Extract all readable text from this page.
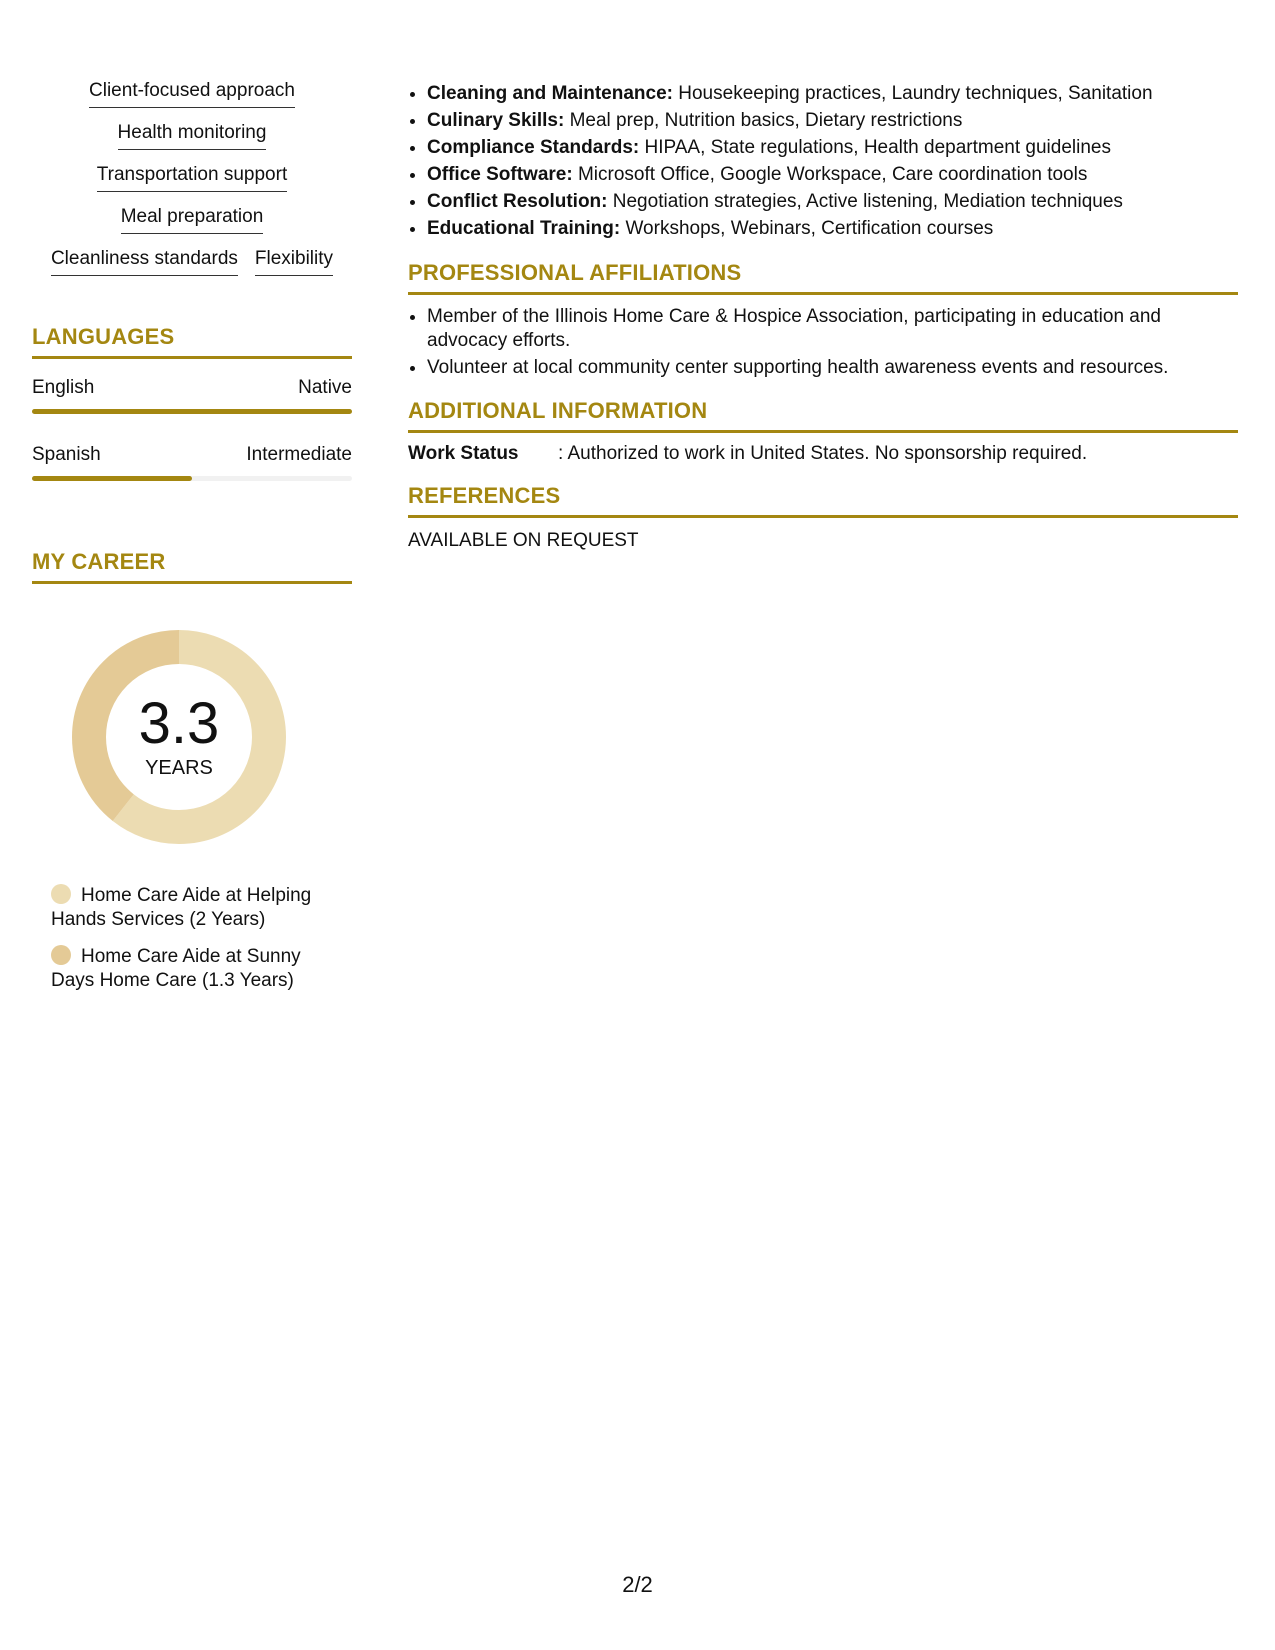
Client-focused approach
Health monitoring
Transportation support
Meal preparation
Cleanliness standards Flexibility
LANGUAGES
English	Native
Spanish	Intermediate
MY CAREER
3.3
YEARS
Home Care Aide at Helping Hands Services (2 Years)
Home Care Aide at Sunny Days Home Care (1.3 Years)
• Cleaning and Maintenance: Housekeeping practices, Laundry techniques, Sanitation
• Culinary Skills: Meal prep, Nutrition basics, Dietary restrictions
• Compliance Standards: HIPAA, State regulations, Health department guidelines
• Office Software: Microsoft Office, Google Workspace, Care coordination tools
• Conflict Resolution: Negotiation strategies, Active listening, Mediation techniques
• Educational Training: Workshops, Webinars, Certification courses
PROFESSIONAL AFFILIATIONS
• Member of the Illinois Home Care & Hospice Association, participating in education and advocacy efforts.
• Volunteer at local community center supporting health awareness events and resources.
ADDITIONAL INFORMATION
Work Status	: Authorized to work in United States. No sponsorship required.
REFERENCES
AVAILABLE ON REQUEST
2/2
